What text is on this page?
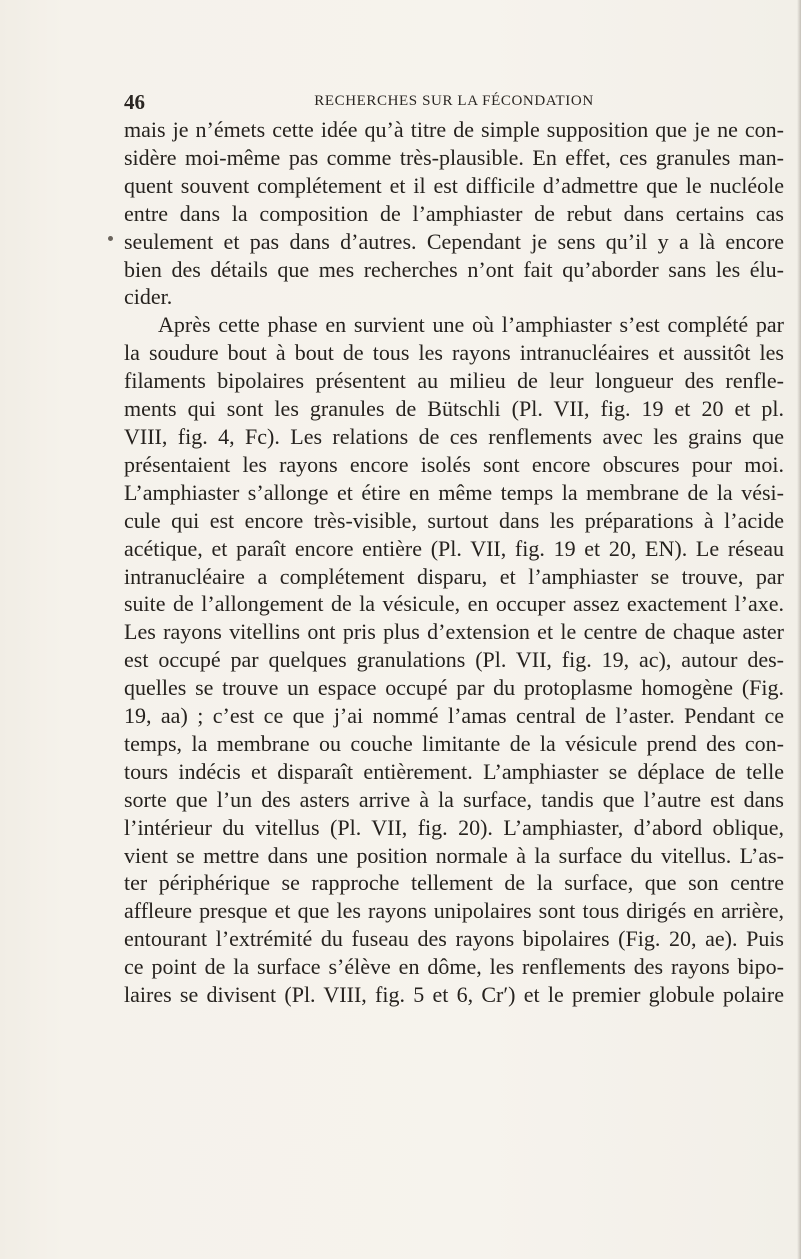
46	RECHERCHES SUR LA FÉCONDATION
mais je n’émets cette idée qu’à titre de simple supposition que je ne con-
sidère moi-même pas comme très-plausible. En effet, ces granules man-
quent souvent complétement et il est difficile d’admettre que le nucléole
entre dans la composition de l’amphiaster de rebut dans certains cas
seulement et pas dans d’autres. Cependant je sens qu’il y a là encore
bien des détails que mes recherches n’ont fait qu’aborder sans les élu-
cider.
Après cette phase en survient une où l’amphiaster s’est complété par
la soudure bout à bout de tous les rayons intranucléaires et aussitôt les
filaments bipolaires présentent au milieu de leur longueur des renfle-
ments qui sont les granules de Bütschli (Pl. VII, fig. 19 et 20 et pl.
VIII, fig. 4, Fc). Les relations de ces renflements avec les grains que
présentaient les rayons encore isolés sont encore obscures pour moi.
L’amphiaster s’allonge et étire en même temps la membrane de la vési-
cule qui est encore très-visible, surtout dans les préparations à l’acide
acétique, et paraît encore entière (Pl. VII, fig. 19 et 20, EN). Le réseau
intranucléaire a complétement disparu, et l’amphiaster se trouve, par
suite de l’allongement de la vésicule, en occuper assez exactement l’axe.
Les rayons vitellins ont pris plus d’extension et le centre de chaque aster
est occupé par quelques granulations (Pl. VII, fig. 19, ac), autour des-
quelles se trouve un espace occupé par du protoplasme homogène (Fig.
19, aa) ; c’est ce que j’ai nommé l’amas central de l’aster. Pendant ce
temps, la membrane ou couche limitante de la vésicule prend des con-
tours indécis et disparaît entièrement. L’amphiaster se déplace de telle
sorte que l’un des asters arrive à la surface, tandis que l’autre est dans
l’intérieur du vitellus (Pl. VII, fig. 20). L’amphiaster, d’abord oblique,
vient se mettre dans une position normale à la surface du vitellus. L’as-
ter périphérique se rapproche tellement de la surface, que son centre
affleure presque et que les rayons unipolaires sont tous dirigés en arrière,
entourant l’extrémité du fuseau des rayons bipolaires (Fig. 20, ae). Puis
ce point de la surface s’élève en dôme, les renflements des rayons bipo-
laires se divisent (Pl. VIII, fig. 5 et 6, Cr′) et le premier globule polaire
